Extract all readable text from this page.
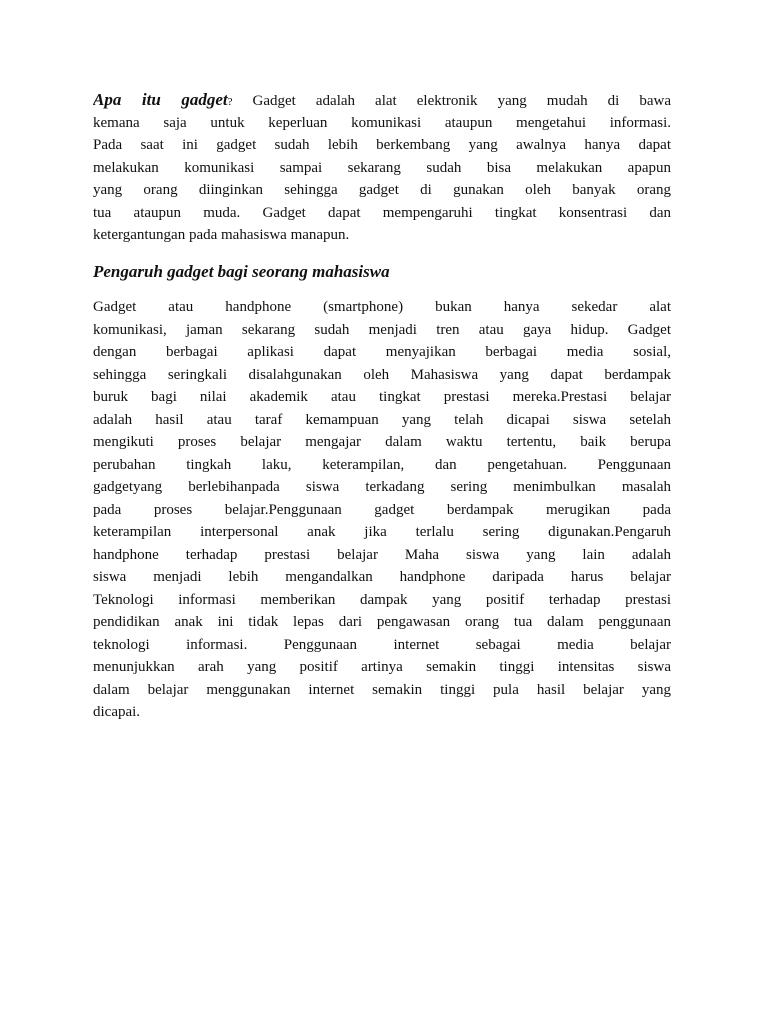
Apa itu gadget? Gadget adalah alat elektronik yang mudah di bawa
kemana saja untuk keperluan komunikasi ataupun mengetahui informasi.
Pada saat ini gadget sudah lebih berkembang yang awalnya hanya dapat
melakukan komunikasi sampai sekarang sudah bisa melakukan apapun
yang orang diinginkan sehingga gadget di gunakan oleh banyak orang
tua ataupun muda. Gadget dapat mempengaruhi tingkat konsentrasi dan
ketergantungan pada mahasiswa manapun.
Pengaruh gadget bagi seorang mahasiswa
Gadget atau handphone (smartphone) bukan hanya sekedar alat
komunikasi, jaman sekarang sudah menjadi tren atau gaya hidup. Gadget
dengan berbagai aplikasi dapat menyajikan berbagai media sosial,
sehingga seringkali disalahgunakan oleh Mahasiswa yang dapat berdampak
buruk bagi nilai akademik atau tingkat prestasi mereka.Prestasi belajar
adalah hasil atau taraf kemampuan yang telah dicapai siswa setelah
mengikuti proses belajar mengajar dalam waktu tertentu, baik berupa
perubahan tingkah laku, keterampilan, dan pengetahuan. Penggunaan
gadgetyang berlebihanpada siswa terkadang sering menimbulkan masalah
pada proses belajar.Penggunaan gadget berdampak merugikan pada
keterampilan interpersonal anak jika terlalu sering digunakan.Pengaruh
handphone terhadap prestasi belajar Maha siswa yang lain adalah
siswa menjadi lebih mengandalkan handphone daripada harus belajar
Teknologi informasi memberikan dampak yang positif terhadap prestasi
pendidikan anak ini tidak lepas dari pengawasan orang tua dalam penggunaan
teknologi informasi. Penggunaan internet sebagai media belajar
menunjukkan arah yang positif artinya semakin tinggi intensitas siswa
dalam belajar menggunakan internet semakin tinggi pula hasil belajar yang
dicapai.
